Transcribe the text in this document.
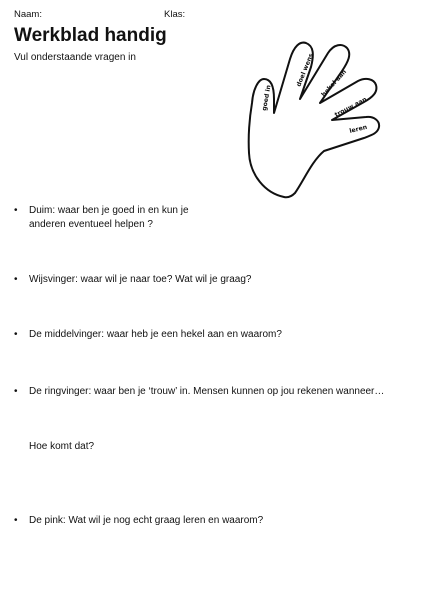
Naam:	Klas:
Werkblad handig

Vul onderstaande vragen in

goed in
doel wens hekel aan
trouw aan
leren
• Duim: waar ben je goed in en kun je
anderen eventueel helpen ?
• Wijsvinger: waar wil je naar toe? Wat wil je graag?
• De middelvinger: waar heb je een hekel aan en waarom?
• De ringvinger: waar ben je ‘trouw’ in. Mensen kunnen op jou rekenen wanneer…
Hoe komt dat?
• De pink: Wat wil je nog echt graag leren en waarom?
